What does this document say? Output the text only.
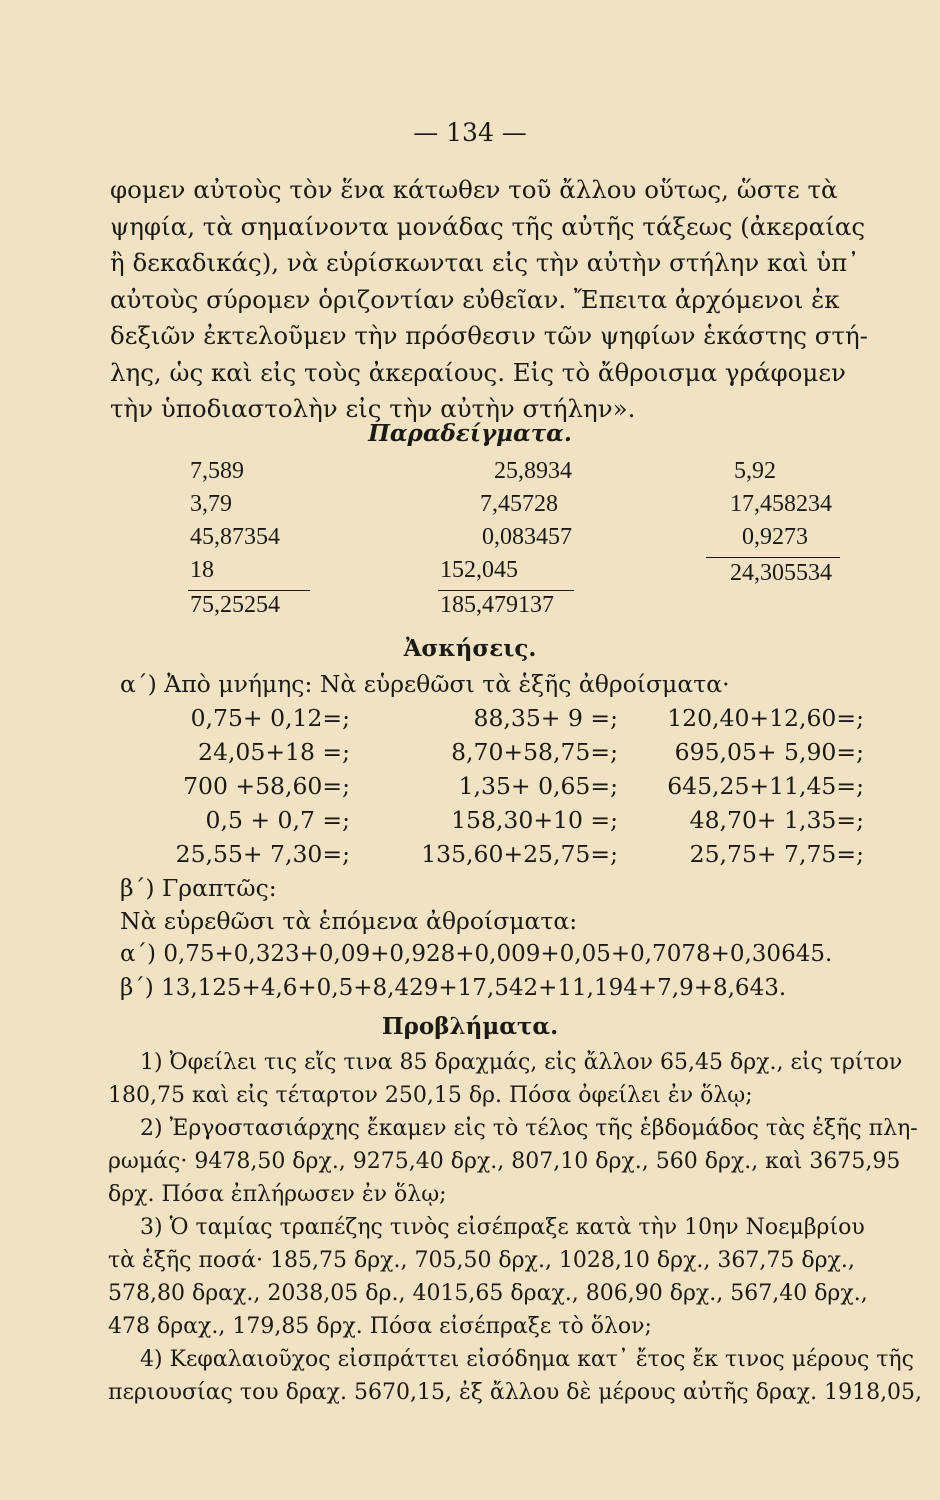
— 134 —
φομεν αὐτοὺς τὸν ἕνα κάτωθεν τοῦ ἄλλου οὕτως, ὥστε τὰ
ψηφία, τὰ σημαίνοντα μονάδας τῆς αὐτῆς τάξεως (ἀκεραίας
ἢ δεκαδικάς), νὰ εὑρίσκωνται εἰς τὴν αὐτὴν στήλην καὶ ὑπ᾽
αὐτοὺς σύρομεν ὁριζοντίαν εὐθεῖαν. Ἔπειτα ἀρχόμενοι ἐκ
δεξιῶν ἐκτελοῦμεν τὴν πρόσθεσιν τῶν ψηφίων ἑκάστης στή-
λης, ὡς καὶ εἰς τοὺς ἀκεραίους. Εἰς τὸ ἄθροισμα γράφομεν
τὴν ὑποδιαστολὴν εἰς τὴν αὐτὴν στήλην».
Παραδείγματα.
7,589
3,79
45,87354
18
75,25254
25,8934
7,45728
0,083457
152,045
185,479137
5,92
17,458234
0,9273
24,305534
Ἀσκήσεις.
α´) Ἀπὸ μνήμης: Νὰ εὑρεθῶσι τὰ ἑξῆς ἀθροίσματα·
0,75+ 0,12=;	88,35+ 9 =;	120,40+12,60=;
24,05+18 =;	8,70+58,75=;	695,05+ 5,90=;
700 +58,60=;	1,35+ 0,65=;	645,25+11,45=;
0,5 + 0,7 =;	158,30+10 =;	48,70+ 1,35=;
25,55+ 7,30=;	135,60+25,75=;	25,75+ 7,75=;
β´) Γραπτῶς:
Νὰ εὑρεθῶσι τὰ ἑπόμενα ἀθροίσματα:
α´) 0,75+0,323+0,09+0,928+0,009+0,05+0,7078+0,30645.
β´) 13,125+4,6+0,5+8,429+17,542+11,194+7,9+8,643.
Προβλήματα.
1) Ὀφείλει τις εἴς τινα 85 δραχμάς, εἰς ἄλλον 65,45 δρχ., εἰς τρίτον
180,75 καὶ εἰς τέταρτον 250,15 δρ. Πόσα ὀφείλει ἐν ὅλῳ;
2) Ἐργοστασιάρχης ἔκαμεν εἰς τὸ τέλος τῆς ἑβδομάδος τὰς ἑξῆς πλη-
ρωμάς· 9478,50 δρχ., 9275,40 δρχ., 807,10 δρχ., 560 δρχ., καὶ 3675,95
δρχ. Πόσα ἐπλήρωσεν ἐν ὅλῳ;
3) Ὁ ταμίας τραπέζης τινὸς εἰσέπραξε κατὰ τὴν 10ην Νοεμβρίου
τὰ ἑξῆς ποσά· 185,75 δρχ., 705,50 δρχ., 1028,10 δρχ., 367,75 δρχ.,
578,80 δραχ., 2038,05 δρ., 4015,65 δραχ., 806,90 δρχ., 567,40 δρχ.,
478 δραχ., 179,85 δρχ. Πόσα εἰσέπραξε τὸ ὅλον;
4) Κεφαλαιοῦχος εἰσπράττει εἰσόδημα κατ᾽ ἔτος ἔκ τινος μέρους τῆς
περιουσίας του δραχ. 5670,15, ἐξ ἄλλου δὲ μέρους αὐτῆς δραχ. 1918,05,
